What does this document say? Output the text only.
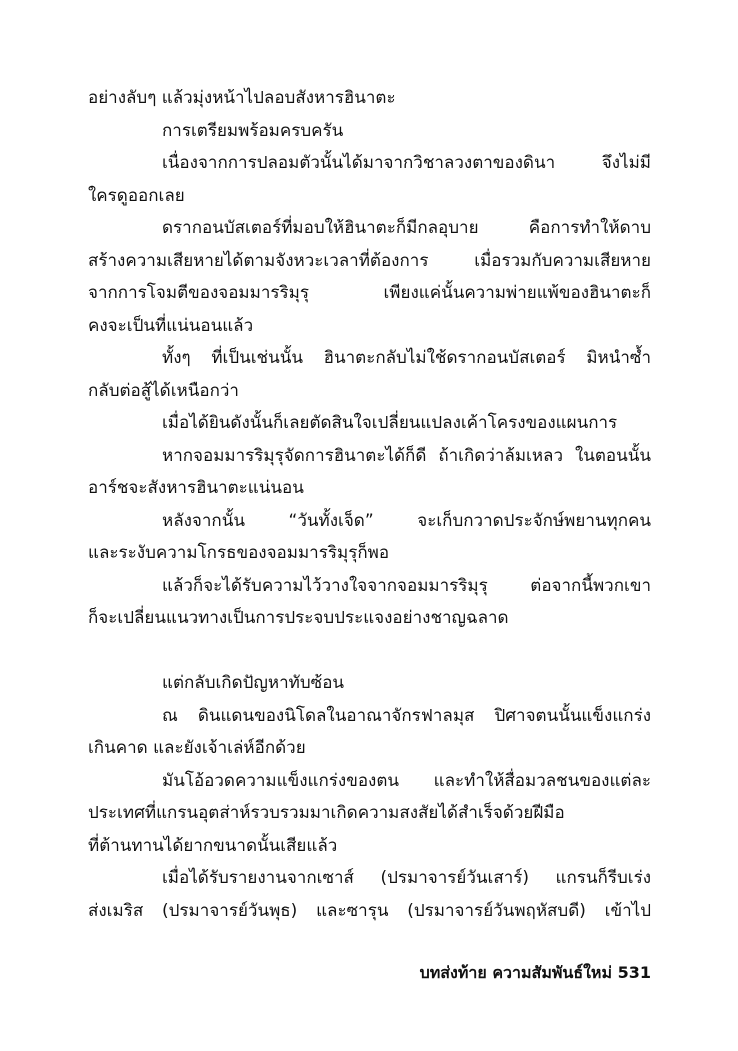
อย่างลับๆ แล้วมุ่งหน้าไปลอบสังหารฮินาตะ
การเตรียมพร้อมครบครัน
เนื่องจากการปลอมตัวนั้นได้มาจากวิชาลวงตาของดินา จึงไม่มี
ใครดูออกเลย
ดรากอนบัสเตอร์ที่มอบให้ฮินาตะก็มีกลอุบาย คือการทำให้ดาบ
สร้างความเสียหายได้ตามจังหวะเวลาที่ต้องการ เมื่อรวมกับความเสียหาย
จากการโจมตีของจอมมารริมุรุ เพียงแค่นั้นความพ่ายแพ้ของฮินาตะก็
คงจะเป็นที่แน่นอนแล้ว
ทั้งๆ ที่เป็นเช่นนั้น ฮินาตะกลับไม่ใช้ดรากอนบัสเตอร์ มิหนำซ้ำ
กลับต่อสู้ได้เหนือกว่า
เมื่อได้ยินดังนั้นก็เลยตัดสินใจเปลี่ยนแปลงเค้าโครงของแผนการ
หากจอมมารริมุรุจัดการฮินาตะได้ก็ดี ถ้าเกิดว่าล้มเหลว ในตอนนั้น
อาร์ชจะสังหารฮินาตะแน่นอน
หลังจากนั้น “วันทั้งเจ็ด” จะเก็บกวาดประจักษ์พยานทุกคน
และระงับความโกรธของจอมมารริมุรุก็พอ
แล้วก็จะได้รับความไว้วางใจจากจอมมารริมุรุ ต่อจากนี้พวกเขา
ก็จะเปลี่ยนแนวทางเป็นการประจบประแจงอย่างชาญฉลาด
แต่กลับเกิดปัญหาทับซ้อน
ณ ดินแดนของนิโดลในอาณาจักรฟาลมุส ปิศาจตนนั้นแข็งแกร่ง
เกินคาด และยังเจ้าเล่ห์อีกด้วย
มันโอ้อวดความแข็งแกร่งของตน และทำให้สื่อมวลชนของแต่ละ
ประเทศที่แกรนอุตส่าห์รวบรวมมาเกิดความสงสัยได้สำเร็จด้วยฝีมือ
ที่ต้านทานได้ยากขนาดนั้นเสียแล้ว
เมื่อได้รับรายงานจากเซาส์ (ปรมาจารย์วันเสาร์) แกรนก็รีบเร่ง
ส่งเมริส (ปรมาจารย์วันพุธ) และซารุน (ปรมาจารย์วันพฤหัสบดี) เข้าไป
บทส่งท้าย ความสัมพันธ์ใหม่ 531
